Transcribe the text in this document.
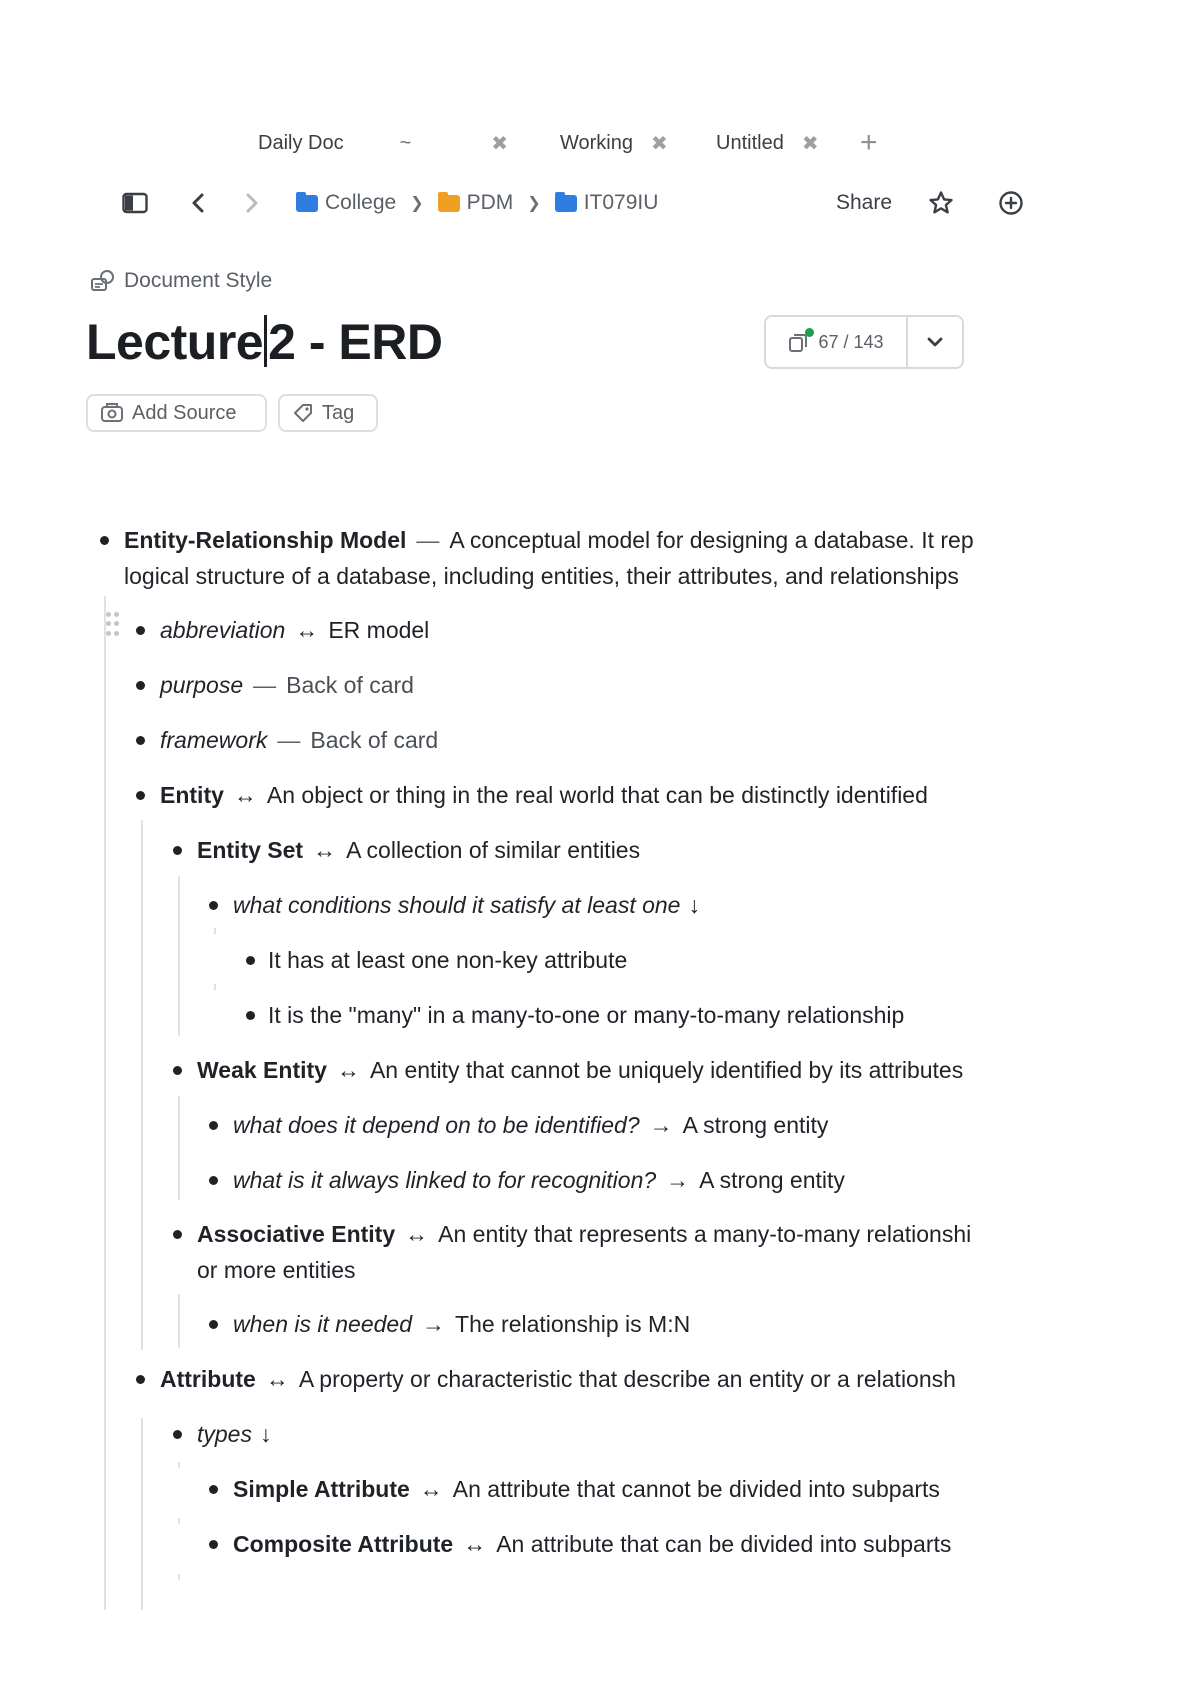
Daily Doc	~	✖	Working ✖ Untitled ✖ +
College ❯ PDM ❯ IT079IU	Share
Document Style
Lecture 2 - ERD	67 / 143
Add Source	Tag
Entity-Relationship Model — A conceptual model for designing a database. It rep
logical structure of a database, including entities, their attributes, and relationships
abbreviation ↔ ER model
purpose — Back of card
framework — Back of card
Entity ↔ An object or thing in the real world that can be distinctly identified
Entity Set ↔ A collection of similar entities
what conditions should it satisfy at least one ↓
It has at least one non-key attribute
It is the "many" in a many-to-one or many-to-many relationship
Weak Entity ↔ An entity that cannot be uniquely identified by its attributes
what does it depend on to be identified? → A strong entity
what is it always linked to for recognition? → A strong entity
Associative Entity ↔ An entity that represents a many-to-many relationshi
or more entities
when is it needed → The relationship is M:N
Attribute ↔ A property or characteristic that describe an entity or a relationsh
types ↓
Simple Attribute ↔ An attribute that cannot be divided into subparts
Composite Attribute ↔ An attribute that can be divided into subparts
